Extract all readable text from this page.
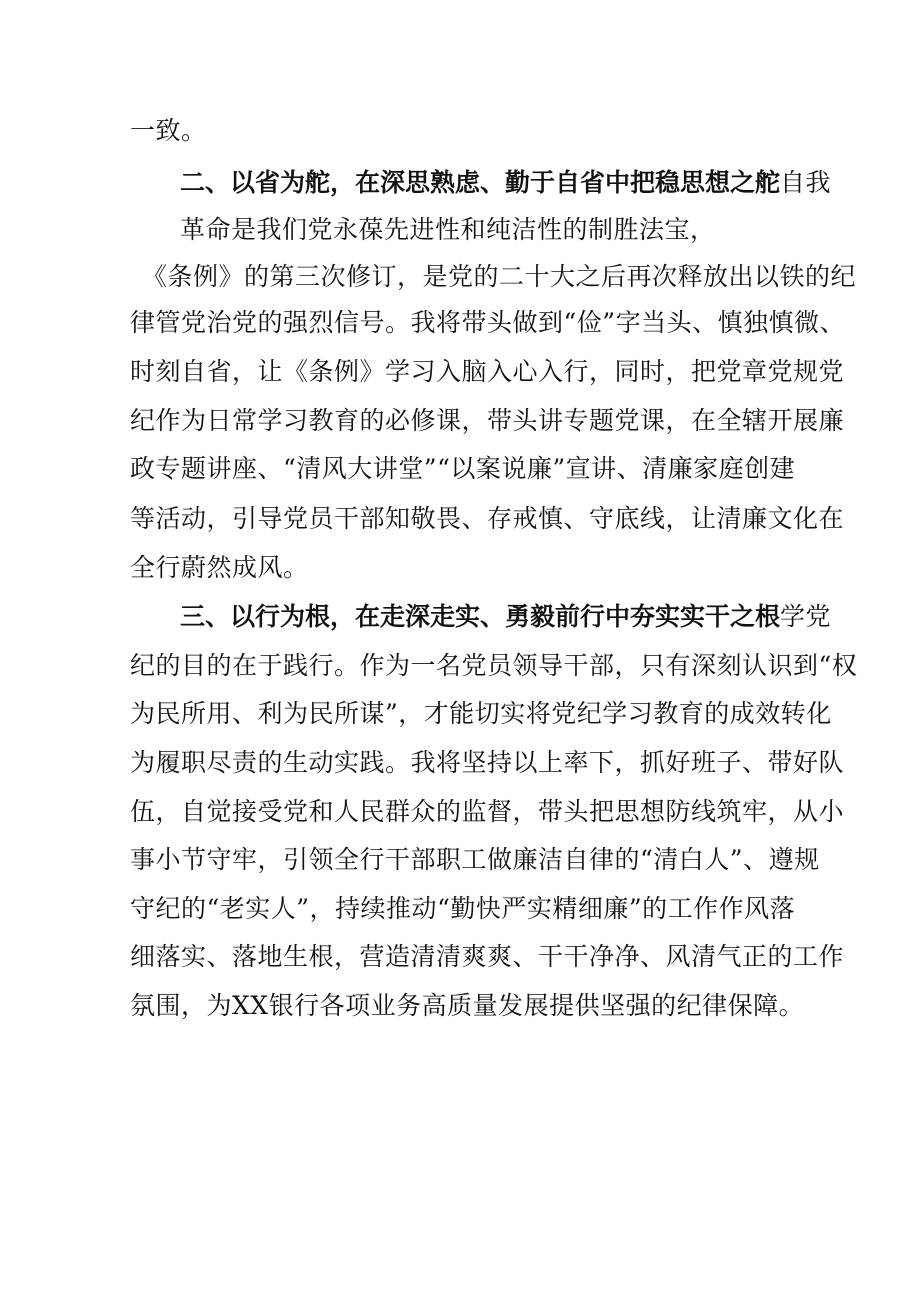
一致。
二、以省为舵，在深思熟虑、勤于自省中把稳思想之舵自我
革命是我们党永葆先进性和纯洁性的制胜法宝，
《条例》的第三次修订，是党的二十大之后再次释放出以铁的纪
律管党治党的强烈信号。我将带头做到“俭”字当头、慎独慎微、
时刻自省，让《条例》学习入脑入心入行，同时，把党章党规党
纪作为日常学习教育的必修课，带头讲专题党课，在全辖开展廉
政专题讲座、“清风大讲堂”“以案说廉”宣讲、清廉家庭创建
等活动，引导党员干部知敬畏、存戒慎、守底线，让清廉文化在
全行蔚然成风。
三、以行为根，在走深走实、勇毅前行中夯实实干之根学党
纪的目的在于践行。作为一名党员领导干部，只有深刻认识到“权
为民所用、利为民所谋”，才能切实将党纪学习教育的成效转化
为履职尽责的生动实践。我将坚持以上率下，抓好班子、带好队
伍，自觉接受党和人民群众的监督，带头把思想防线筑牢，从小
事小节守牢，引领全行干部职工做廉洁自律的“清白人”、遵规
守纪的“老实人”，持续推动“勤快严实精细廉”的工作作风落
细落实、落地生根，营造清清爽爽、干干净净、风清气正的工作
氛围，为XX银行各项业务高质量发展提供坚强的纪律保障。
